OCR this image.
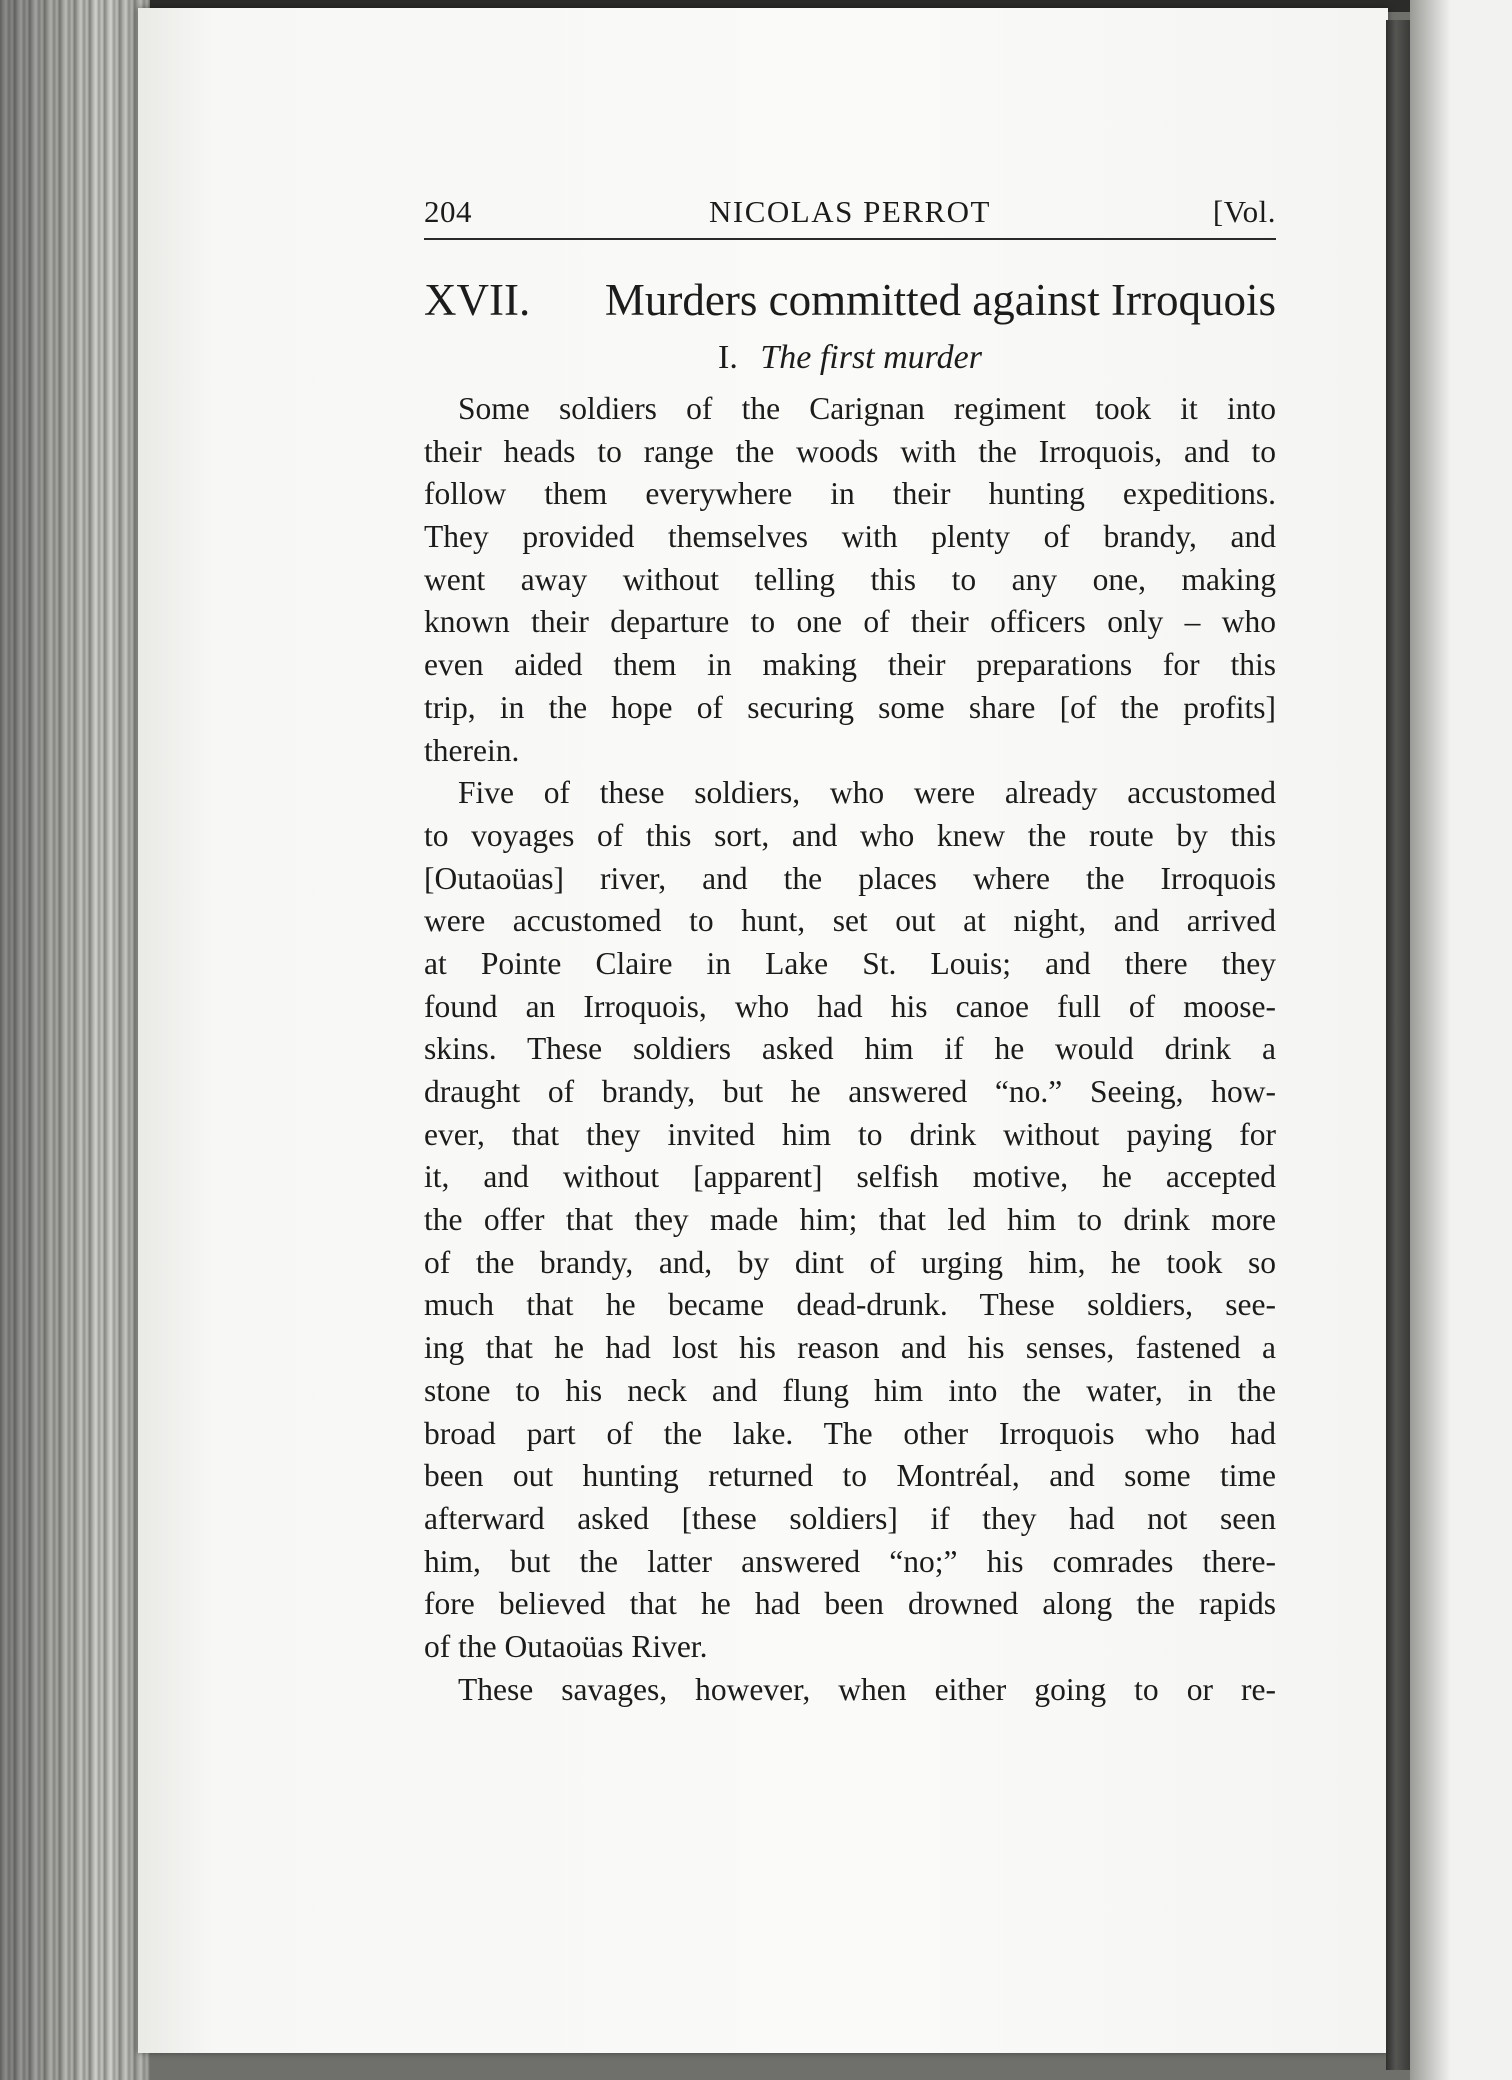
204	NICOLAS PERROT	[Vol.
XVII. Murders committed against Irroquois
I. The first murder
Some soldiers of the Carignan regiment took it into
their heads to range the woods with the Irroquois, and to
follow them everywhere in their hunting expeditions.
They provided themselves with plenty of brandy, and
went away without telling this to any one, making
known their departure to one of their officers only – who
even aided them in making their preparations for this
trip, in the hope of securing some share [of the profits]
therein.
Five of these soldiers, who were already accustomed
to voyages of this sort, and who knew the route by this
[Outaoüas] river, and the places where the Irroquois
were accustomed to hunt, set out at night, and arrived
at Pointe Claire in Lake St. Louis; and there they
found an Irroquois, who had his canoe full of moose-
skins. These soldiers asked him if he would drink a
draught of brandy, but he answered “no.” Seeing, how-
ever, that they invited him to drink without paying for
it, and without [apparent] selfish motive, he accepted
the offer that they made him; that led him to drink more
of the brandy, and, by dint of urging him, he took so
much that he became dead-drunk. These soldiers, see-
ing that he had lost his reason and his senses, fastened a
stone to his neck and flung him into the water, in the
broad part of the lake. The other Irroquois who had
been out hunting returned to Montréal, and some time
afterward asked [these soldiers] if they had not seen
him, but the latter answered “no;” his comrades there-
fore believed that he had been drowned along the rapids
of the Outaoüas River.
These savages, however, when either going to or re-
